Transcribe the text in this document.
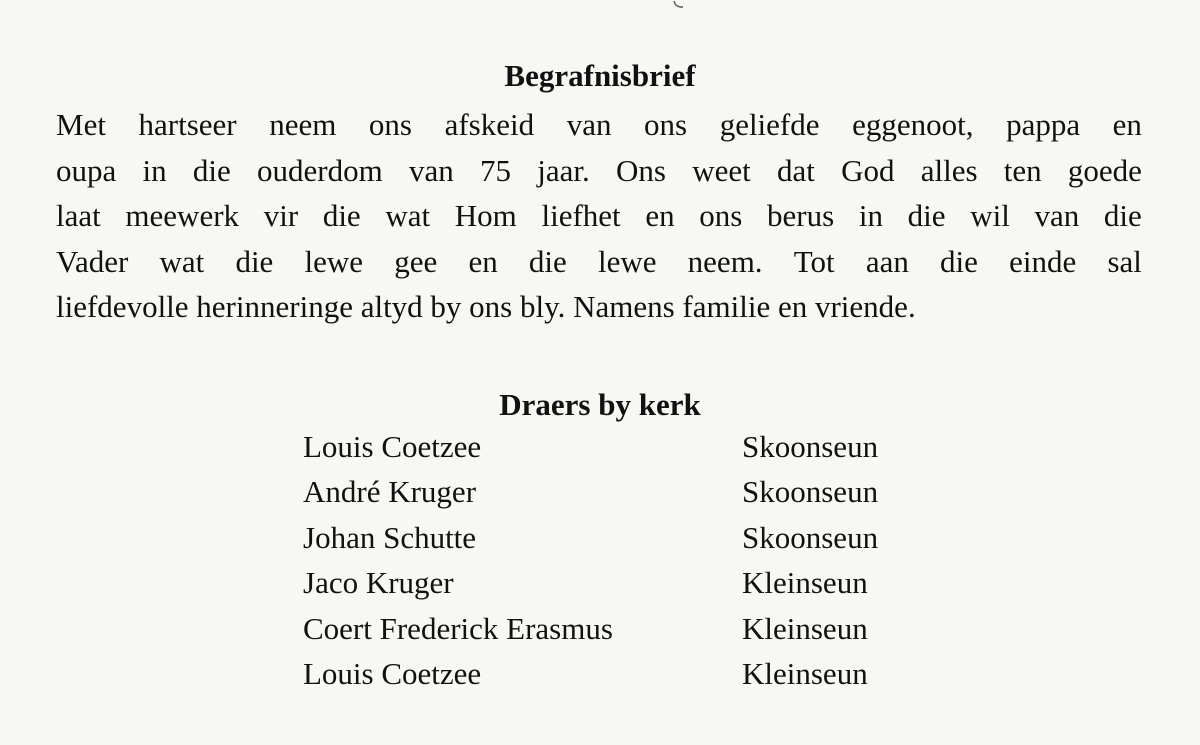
Begrafnisbrief
Met hartseer neem ons afskeid van ons geliefde eggenoot, pappa en
oupa in die ouderdom van 75 jaar. Ons weet dat God alles ten goede
laat meewerk vir die wat Hom liefhet en ons berus in die wil van die
Vader wat die lewe gee en die lewe neem. Tot aan die einde sal
liefdevolle herinneringe altyd by ons bly. Namens familie en vriende.
Draers by kerk
Louis Coetzee	Skoonseun
André Kruger	Skoonseun
Johan Schutte	Skoonseun
Jaco Kruger	Kleinseun
Coert Frederick Erasmus	Kleinseun
Louis Coetzee	Kleinseun
